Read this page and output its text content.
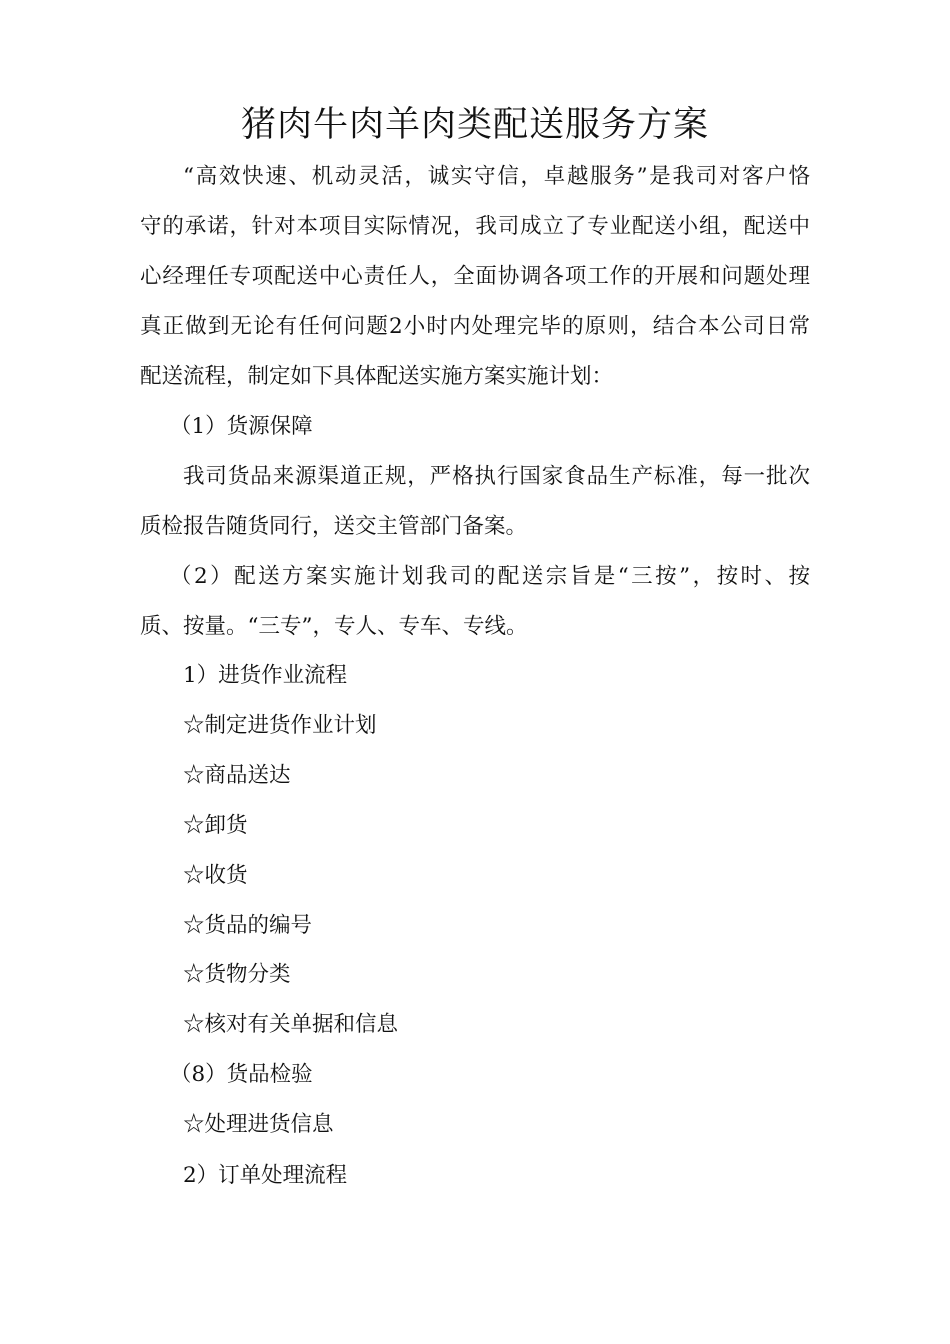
猪肉牛肉羊肉类配送服务方案

“高效快速、机动灵活，诚实守信，卓越服务”是我司对客户恪

守的承诺，针对本项目实际情况，我司成立了专业配送小组，配送中

心经理任专项配送中心责任人，全面协调各项工作的开展和问题处理

真正做到无论有任何问题2小时内处理完毕的原则，结合本公司日常

配送流程，制定如下具体配送实施方案实施计划：

（1）货源保障

我司货品来源渠道正规，严格执行国家食品生产标准，每一批次

质检报告随货同行，送交主管部门备案。

（2）配送方案实施计划我司的配送宗旨是“三按”，按时、按

质、按量。“三专”，专人、专车、专线。

1）进货作业流程

☆制定进货作业计划

☆商品送达

☆卸货

☆收货

☆货品的编号

☆货物分类

☆核对有关单据和信息

（8）货品检验

☆处理进货信息

2）订单处理流程
